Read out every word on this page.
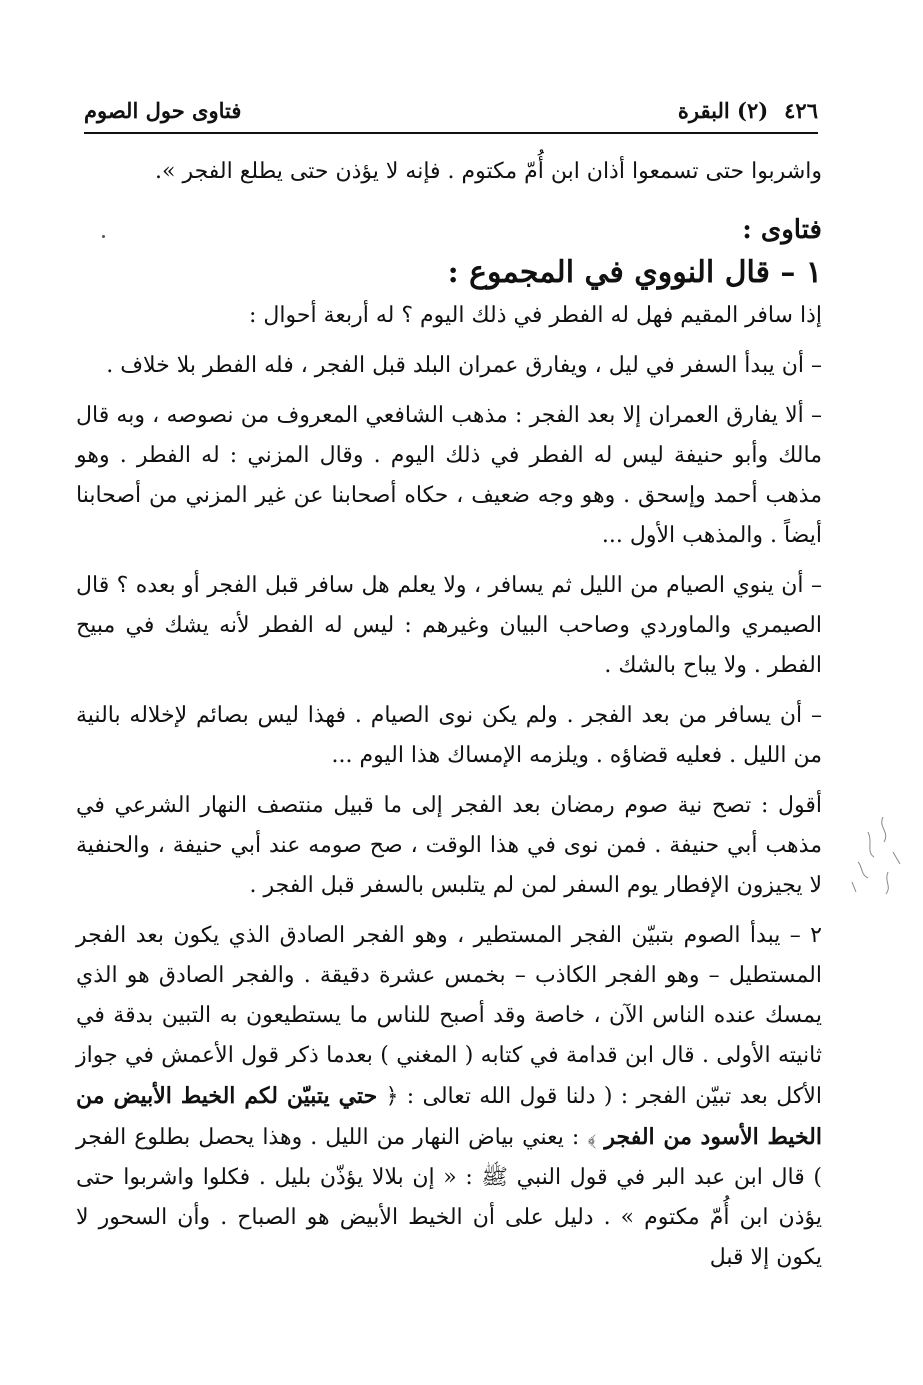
فتاوى حول الصوم	٤٢٦(٢) البقرة

واشربوا حتى تسمعوا أذان ابن أُمّ مكتوم . فإنه لا يؤذن حتى يطلع الفجر ».

فتاوى :

١ – قال النووي في المجموع :

إذا سافر المقيم فهل له الفطر في ذلك اليوم ؟ له أربعة أحوال :

– أن يبدأ السفر في ليل ، ويفارق عمران البلد قبل الفجر ، فله الفطر بلا خلاف .

– ألا يفارق العمران إلا بعد الفجر : مذهب الشافعي المعروف من نصوصه ، وبه قال مالك وأبو حنيفة ليس له الفطر في ذلك اليوم . وقال المزني : له الفطر . وهو مذهب أحمد وإسحق . وهو وجه ضعيف ، حكاه أصحابنا عن غير المزني من أصحابنا أيضاً . والمذهب الأول ...

– أن ينوي الصيام من الليل ثم يسافر ، ولا يعلم هل سافر قبل الفجر أو بعده ؟ قال الصيمري والماوردي وصاحب البيان وغيرهم : ليس له الفطر لأنه يشك في مبيح الفطر . ولا يباح بالشك .

– أن يسافر من بعد الفجر . ولم يكن نوى الصيام . فهذا ليس بصائم لإخلاله بالنية من الليل . فعليه قضاؤه . ويلزمه الإمساك هذا اليوم ...

أقول : تصح نية صوم رمضان بعد الفجر إلى ما قبيل منتصف النهار الشرعي في مذهب أبي حنيفة . فمن نوى في هذا الوقت ، صح صومه عند أبي حنيفة ، والحنفية لا يجيزون الإفطار يوم السفر لمن لم يتلبس بالسفر قبل الفجر .

٢ – يبدأ الصوم بتبيّن الفجر المستطير ، وهو الفجر الصادق الذي يكون بعد الفجر المستطيل – وهو الفجر الكاذب – بخمس عشرة دقيقة . والفجر الصادق هو الذي يمسك عنده الناس الآن ، خاصة وقد أصبح للناس ما يستطيعون به التبين بدقة في ثانيته الأولى . قال ابن قدامة في كتابه ( المغني ) بعدما ذكر قول الأعمش في جواز الأكل بعد تبيّن الفجر : ( دلنا قول الله تعالى : ﴿ حتي يتبيّن لكم الخيط الأبيض من الخيط الأسود من الفجر ﴾ : يعني بياض النهار من الليل . وهذا يحصل بطلوع الفجر ) قال ابن عبد البر في قول النبي ﷺ : « إن بلالا يؤذّن بليل . فكلوا واشربوا حتى يؤذن ابن أُمّ مكتوم » . دليل على أن الخيط الأبيض هو الصباح . وأن السحور لا يكون إلا قبل
